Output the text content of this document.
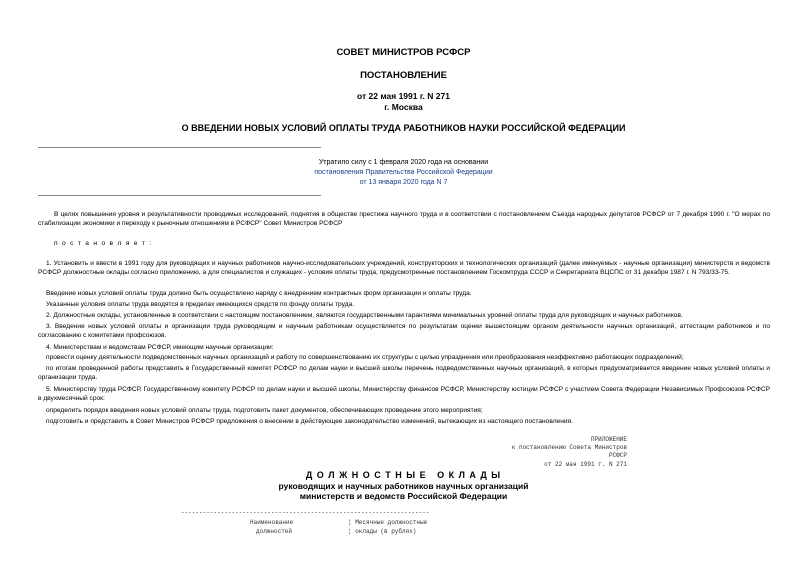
СОВЕТ МИНИСТРОВ РСФСР
ПОСТАНОВЛЕНИЕ
от 22 мая 1991 г. N 271
г. Москва
О ВВЕДЕНИИ НОВЫХ УСЛОВИЙ ОПЛАТЫ ТРУДА РАБОТНИКОВ НАУКИ РОССИЙСКОЙ ФЕДЕРАЦИИ
Утратило силу с 1 февраля 2020 года на основании
постановления Правительства Российской Федерации
от 13 января 2020 года N 7
В целях повышения уровня и результативности проводимых исследований, поднятия в обществе престижа научного труда и в соответствии с постановлением Съезда народных депутатов РСФСР от 7 декабря 1990 г. "О мерах по стабилизации экономики и переходу к рыночным отношениям в РСФСР" Совет Министров РСФСР
п о с т а н о в л я е т :
1. Установить и ввести в 1991 году для руководящих и научных работников научно-исследовательских учреждений, конструкторских и технологических организаций (далее именуемых - научные организации) министерств и ведомств РСФСР должностные оклады согласно приложению, а для специалистов и служащих - условия оплаты труда, предусмотренные постановлением Госкомтруда СССР и Секретариата ВЦСПС от 31 декабря 1987 г. N 793/33-75.
Введение новых условий оплаты труда должно быть осуществлено наряду с внедрением контрактных форм организации и оплаты труда.
Указанные условия оплаты труда вводятся в пределах имеющихся средств по фонду оплаты труда.
2. Должностные оклады, установленные в соответствии с настоящим постановлением, являются государственными гарантиями минимальных уровней оплаты труда для руководящих и научных работников.
3. Введение новых условий оплаты и организации труда руководящим и научным работникам осуществляется по результатам оценки вышестоящим органом деятельности научных организаций, аттестации работников и по согласованию с комитетами профсоюзов.
4. Министерствам и ведомствам РСФСР, имеющим научные организации:
провести оценку деятельности подведомственных научных организаций и работу по совершенствованию их структуры с целью упразднения или преобразования неэффективно работающих подразделений;
по итогам проведенной работы представить в Государственный комитет РСФСР по делам науки и высшей школы перечень подведомственных научных организаций, в которых предусматривается введение новых условий оплаты и организации труда.
5. Министерству труда РСФСР, Государственному комитету РСФСР по делам науки и высшей школы, Министерству финансов РСФСР, Министерству юстиции РСФСР с участием Совета Федерации Независимых Профсоюзов РСФСР в двухмесячный срок:
определить порядок введения новых условий оплаты труда, подготовить пакет документов, обеспечивающих проведение этого мероприятия;
подготовить и представить в Совет Министров РСФСР предложения о внесении в действующее законодательство изменений, вытекающих из настоящего постановления.
ПРИЛОЖЕНИЕ
к постановлению Совета Министров
РСФСР
от 22 мая 1991 г. N 271
Д О Л Ж Н О С Т Н Ы Е   О К Л А Д Ы
руководящих и научных работников научных организаций
министерств и ведомств Российской Федерации
---------------------------------------------------------------------
Наименование
должностей
¦ Месячные должностные
¦ оклады (в рублях)
